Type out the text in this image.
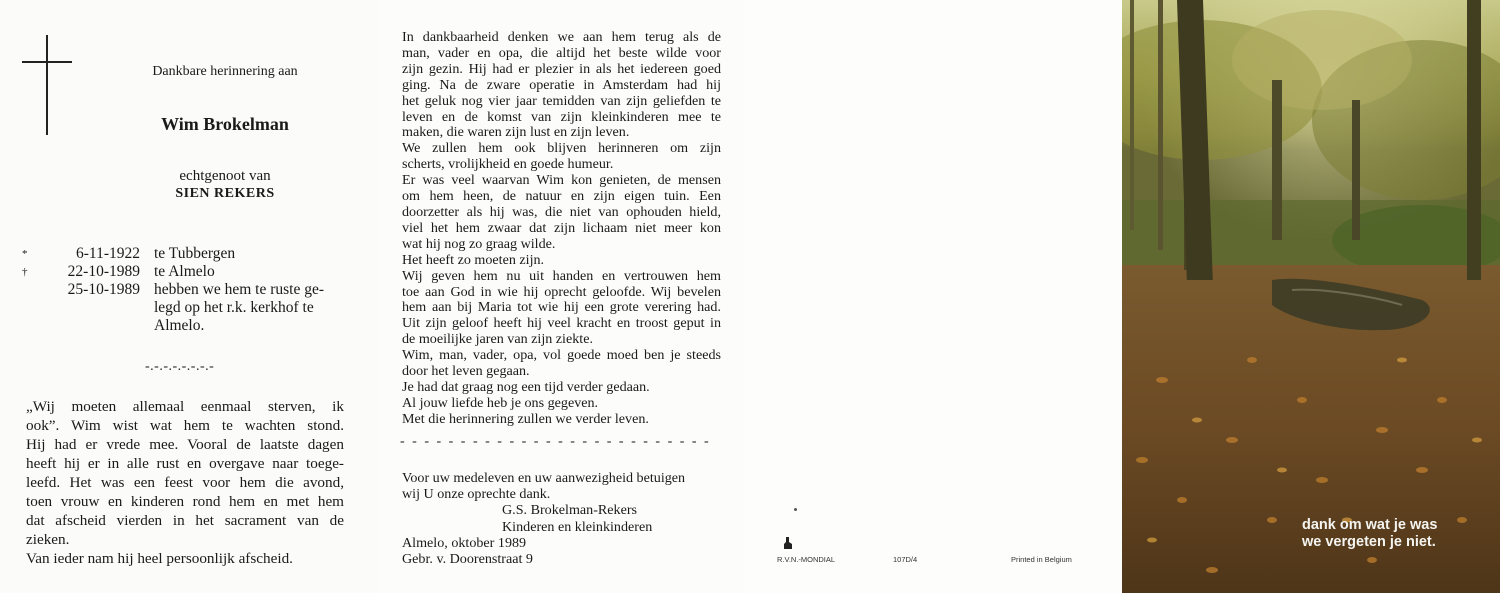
Dankbare herinnering aan
Wim Brokelman
echtgenoot van
SIEN REKERS
*	6-11-1922 te Tubbergen
†	22-10-1989 te Almelo
25-10-1989 hebben we hem te ruste ge-
legd op het r.k. kerkhof te
Almelo.
-.-.-.-.-.-.-.-

„Wij moeten allemaal eenmaal sterven, ik

ook”. Wim wist wat hem te wachten stond.

Hij had er vrede mee. Vooral de laatste dagen

heeft hij er in alle rust en overgave naar toege-

leefd. Het was een feest voor hem die avond,

toen vrouw en kinderen rond hem en met hem

dat afscheid vierden in het sacrament van de

zieken.

Van ieder nam hij heel persoonlijk afscheid.

In dankbaarheid denken we aan hem terug als de

man, vader en opa, die altijd het beste wilde voor

zijn gezin. Hij had er plezier in als het iedereen goed

ging. Na de zware operatie in Amsterdam had hij

het geluk nog vier jaar temidden van zijn geliefden te

leven en de komst van zijn kleinkinderen mee te

maken, die waren zijn lust en zijn leven.

We zullen hem ook blijven herinneren om zijn

scherts, vrolijkheid en goede humeur.

Er was veel waarvan Wim kon genieten, de mensen

om hem heen, de natuur en zijn eigen tuin. Een

doorzetter als hij was, die niet van ophouden hield,

viel het hem zwaar dat zijn lichaam niet meer kon

wat hij nog zo graag wilde.

Het heeft zo moeten zijn.

Wij geven hem nu uit handen en vertrouwen hem

toe aan God in wie hij oprecht geloofde. Wij bevelen

hem aan bij Maria tot wie hij een grote verering had.

Uit zijn geloof heeft hij veel kracht en troost geput in

de moeilijke jaren van zijn ziekte.

Wim, man, vader, opa, vol goede moed ben je steeds

door het leven gegaan.

Je had dat graag nog een tijd verder gedaan.

Al jouw liefde heb je ons gegeven.

Met die herinnering zullen we verder leven.

- - - - - - - - - - - - - - - - - - - - - - - - - -

Voor uw medeleven en uw aanwezigheid betuigen

wij U onze oprechte dank.

G.S. Brokelman-Rekers

Kinderen en kleinkinderen

Almelo, oktober 1989

Gebr. v. Doorenstraat 9	R.V.N.-MONDIAL	107D/4	Printed in Belgium
dank om wat je was
we vergeten je niet.
